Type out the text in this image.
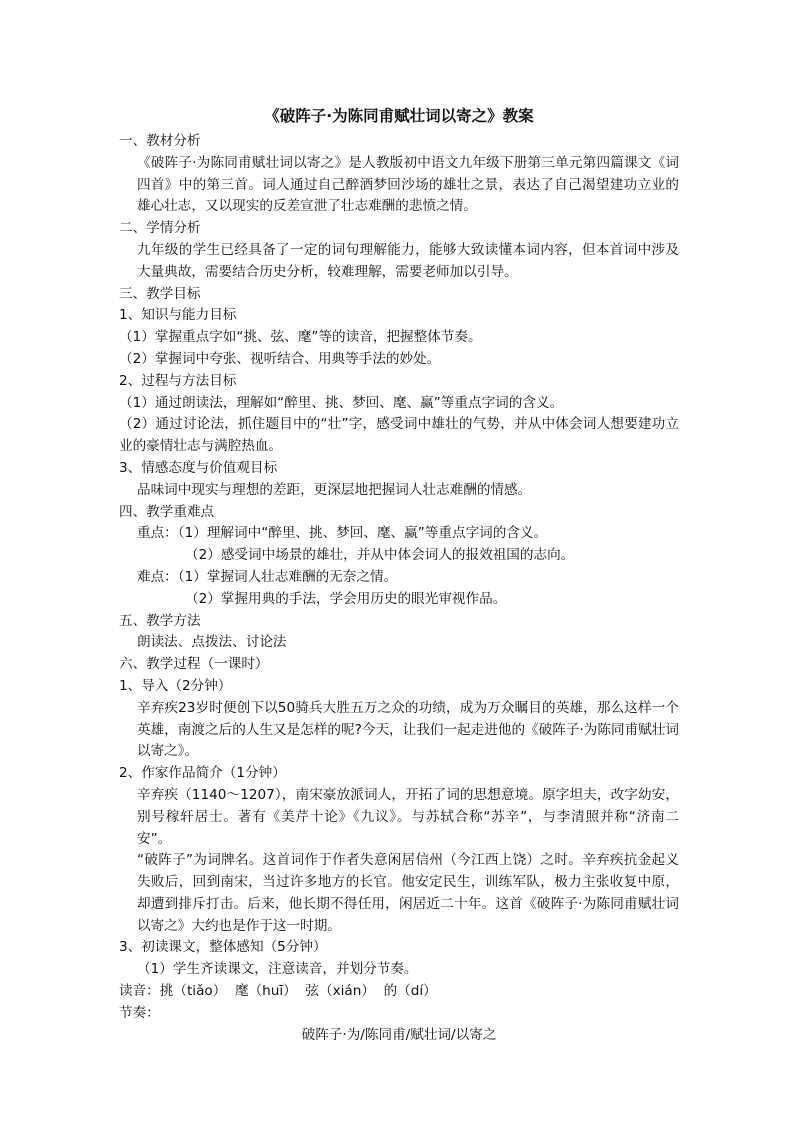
《破阵子·为陈同甫赋壮词以寄之》教案

一、教材分析

《破阵子·为陈同甫赋壮词以寄之》是人教版初中语文九年级下册第三单元第四篇课文《词四首》中的第三首。词人通过自己醉酒梦回沙场的雄壮之景，表达了自己渴望建功立业的雄心壮志，又以现实的反差宣泄了壮志难酬的悲愤之情。

二、学情分析

九年级的学生已经具备了一定的词句理解能力，能够大致读懂本词内容，但本首词中涉及大量典故，需要结合历史分析，较难理解，需要老师加以引导。

三、教学目标

1、知识与能力目标

（1）掌握重点字如“挑、弦、麾”等的读音，把握整体节奏。

（2）掌握词中夸张、视听结合、用典等手法的妙处。

2、过程与方法目标

（1）通过朗读法，理解如“醉里、挑、梦回、麾、赢”等重点字词的含义。

（2）通过讨论法，抓住题目中的“壮”字，感受词中雄壮的气势，并从中体会词人想要建功立业的豪情壮志与满腔热血。

3、情感态度与价值观目标

品味词中现实与理想的差距，更深层地把握词人壮志难酬的情感。

四、教学重难点

重点：（1）理解词中“醉里、挑、梦回、麾、赢”等重点字词的含义。

（2）感受词中场景的雄壮，并从中体会词人的报效祖国的志向。

难点：（1）掌握词人壮志难酬的无奈之情。

（2）掌握用典的手法，学会用历史的眼光审视作品。

五、教学方法

朗读法、点拨法、讨论法

六、教学过程（一课时）

1、导入（2分钟）

辛弃疾23岁时便创下以50骑兵大胜五万之众的功绩，成为万众瞩目的英雄，那么这样一个英雄，南渡之后的人生又是怎样的呢?今天，让我们一起走进他的《破阵子·为陈同甫赋壮词以寄之》。

2、作家作品简介（1分钟）

辛弃疾（1140～1207），南宋豪放派词人，开拓了词的思想意境。原字坦夫，改字幼安，别号稼轩居士。著有《美芹十论》《九议》。与苏轼合称“苏辛”，与李清照并称“济南二安”。

“破阵子”为词牌名。这首词作于作者失意闲居信州（今江西上饶）之时。辛弃疾抗金起义失败后，回到南宋，当过许多地方的长官。他安定民生，训练军队，极力主张收复中原，却遭到排斥打击。后来，他长期不得任用，闲居近二十年。这首《破阵子·为陈同甫赋壮词以寄之》大约也是作于这一时期。

3、初读课文，整体感知（5分钟）

（1）学生齐读课文，注意读音，并划分节奏。

读音：挑（tiǎo）  麾（huī）  弦（xián）  的（dí）

节奏：

破阵子·为/陈同甫/赋壮词/以寄之
